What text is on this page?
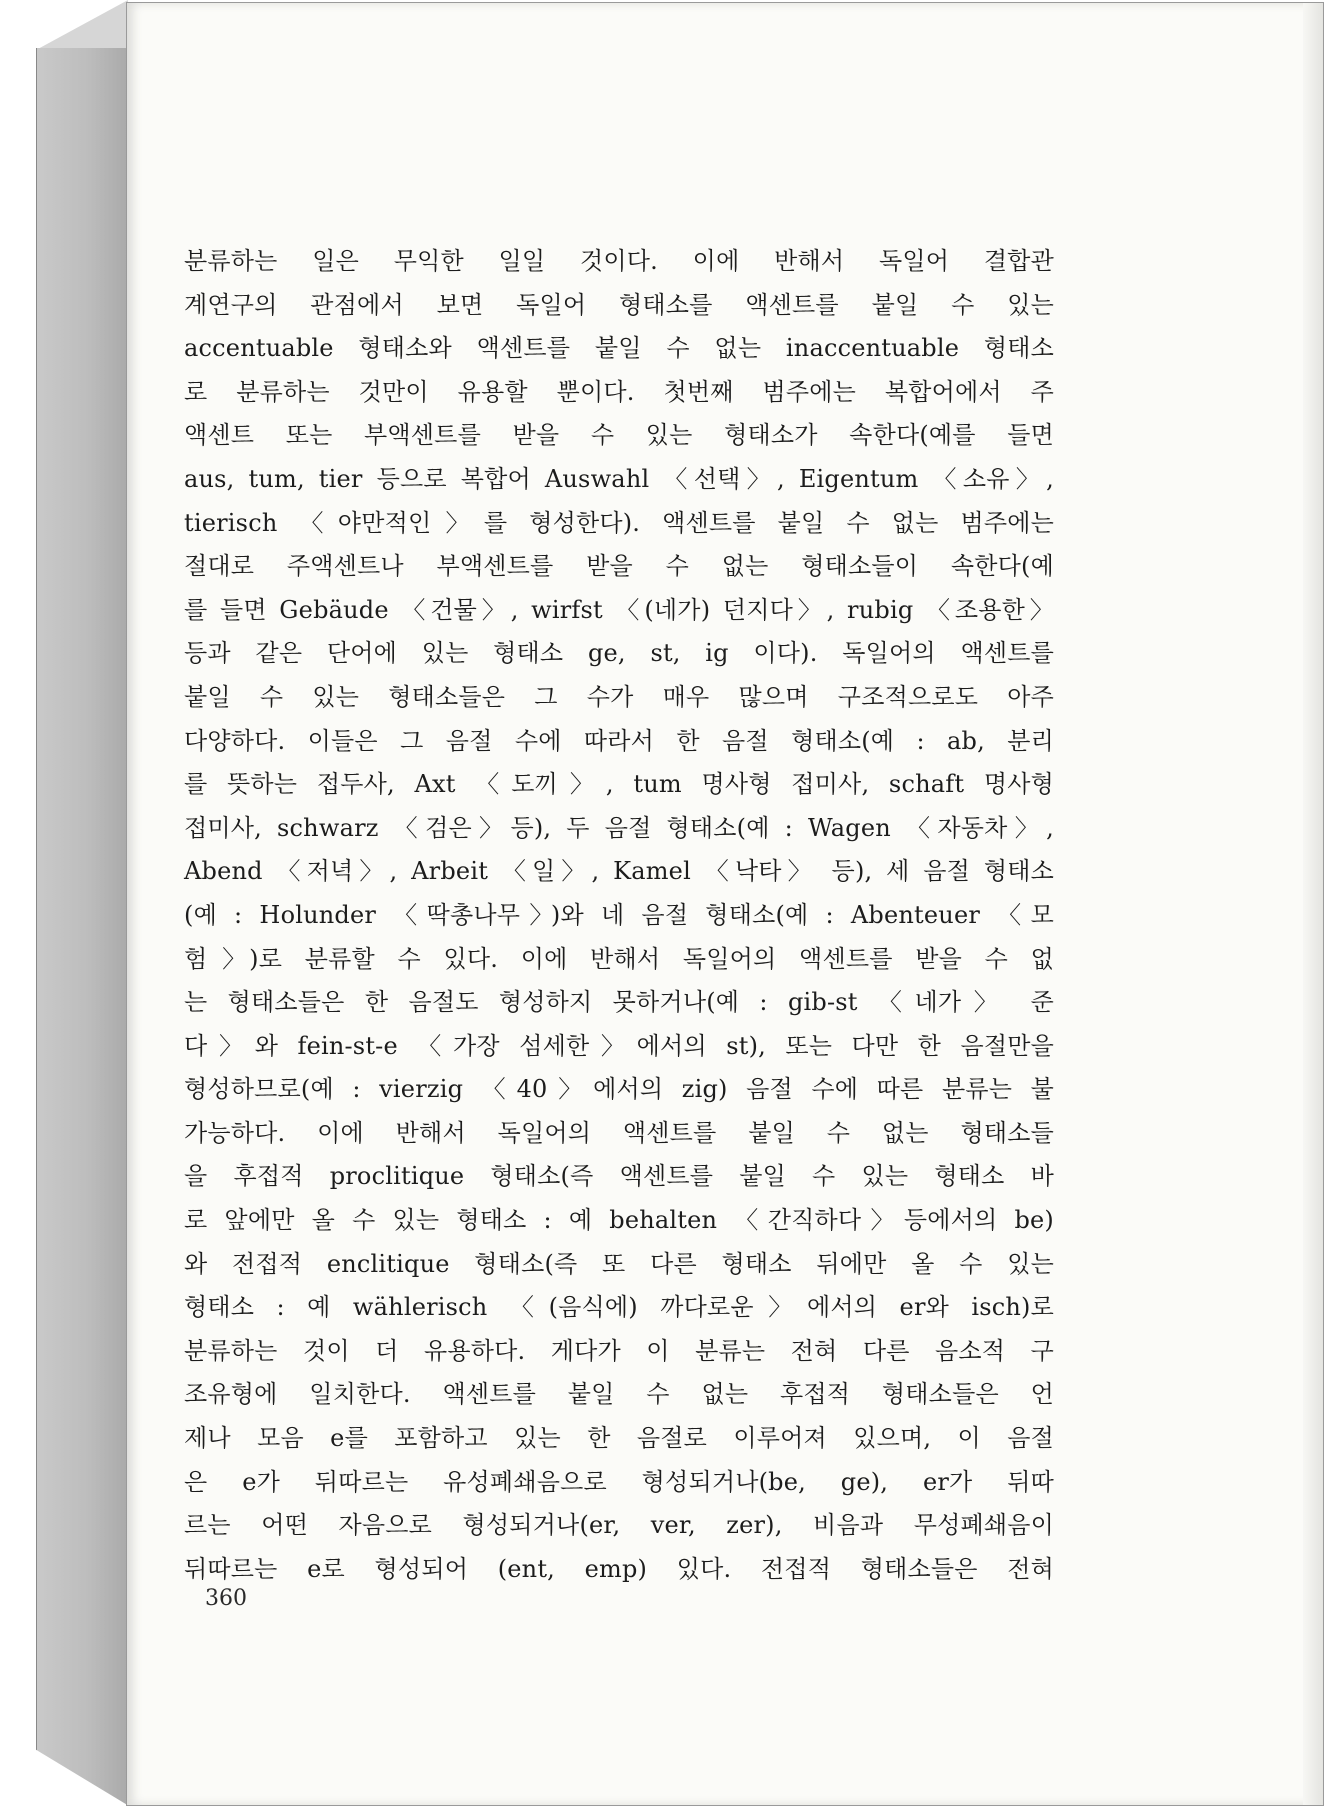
분류하는 일은 무익한 일일 것이다. 이에 반해서 독일어 결합관
계연구의 관점에서 보면 독일어 형태소를 액센트를 붙일 수 있는
accentuable 형태소와 액센트를 붙일 수 없는 inaccentuable 형태소
로 분류하는 것만이 유용할 뿐이다. 첫번째 범주에는 복합어에서 주
액센트 또는 부액센트를 받을 수 있는 형태소가 속한다(예를 들면
aus, tum, tier 등으로 복합어 Auswahl 〈선택〉, Eigentum 〈소유〉,
tierisch 〈야만적인〉를 형성한다). 액센트를 붙일 수 없는 범주에는
절대로 주액센트나 부액센트를 받을 수 없는 형태소들이 속한다(예
를 들면 Gebäude 〈건물〉, wirfst 〈(네가) 던지다〉, rubig 〈조용한〉
등과 같은 단어에 있는 형태소 ge, st, ig 이다). 독일어의 액센트를
붙일 수 있는 형태소들은 그 수가 매우 많으며 구조적으로도 아주
다양하다. 이들은 그 음절 수에 따라서 한 음절 형태소(예 : ab, 분리
를 뜻하는 접두사, Axt 〈도끼〉, tum 명사형 접미사, schaft 명사형
접미사, schwarz 〈검은〉등), 두 음절 형태소(예 : Wagen 〈자동차〉,
Abend 〈저녁〉, Arbeit 〈일〉, Kamel 〈낙타〉 등), 세 음절 형태소
(예 : Holunder 〈딱총나무〉)와 네 음절 형태소(예 : Abenteuer 〈모
험〉)로 분류할 수 있다. 이에 반해서 독일어의 액센트를 받을 수 없
는 형태소들은 한 음절도 형성하지 못하거나(예 : gib-st 〈네가〉 준
다〉와 fein-st-e 〈가장 섬세한〉에서의 st), 또는 다만 한 음절만을
형성하므로(예 : vierzig 〈40〉에서의 zig) 음절 수에 따른 분류는 불
가능하다. 이에 반해서 독일어의 액센트를 붙일 수 없는 형태소들
을 후접적 proclitique 형태소(즉 액센트를 붙일 수 있는 형태소 바
로 앞에만 올 수 있는 형태소 : 예 behalten 〈간직하다〉등에서의 be)
와 전접적 enclitique 형태소(즉 또 다른 형태소 뒤에만 올 수 있는
형태소 : 예 wählerisch 〈(음식에) 까다로운〉에서의 er와 isch)로
분류하는 것이 더 유용하다. 게다가 이 분류는 전혀 다른 음소적 구
조유형에 일치한다. 액센트를 붙일 수 없는 후접적 형태소들은 언
제나 모음 e를 포함하고 있는 한 음절로 이루어져 있으며, 이 음절
은 e가 뒤따르는 유성폐쇄음으로 형성되거나(be, ge), er가 뒤따
르는 어떤 자음으로 형성되거나(er, ver, zer), 비음과 무성폐쇄음이
뒤따르는 e로 형성되어 (ent, emp) 있다. 전접적 형태소들은 전혀
360
